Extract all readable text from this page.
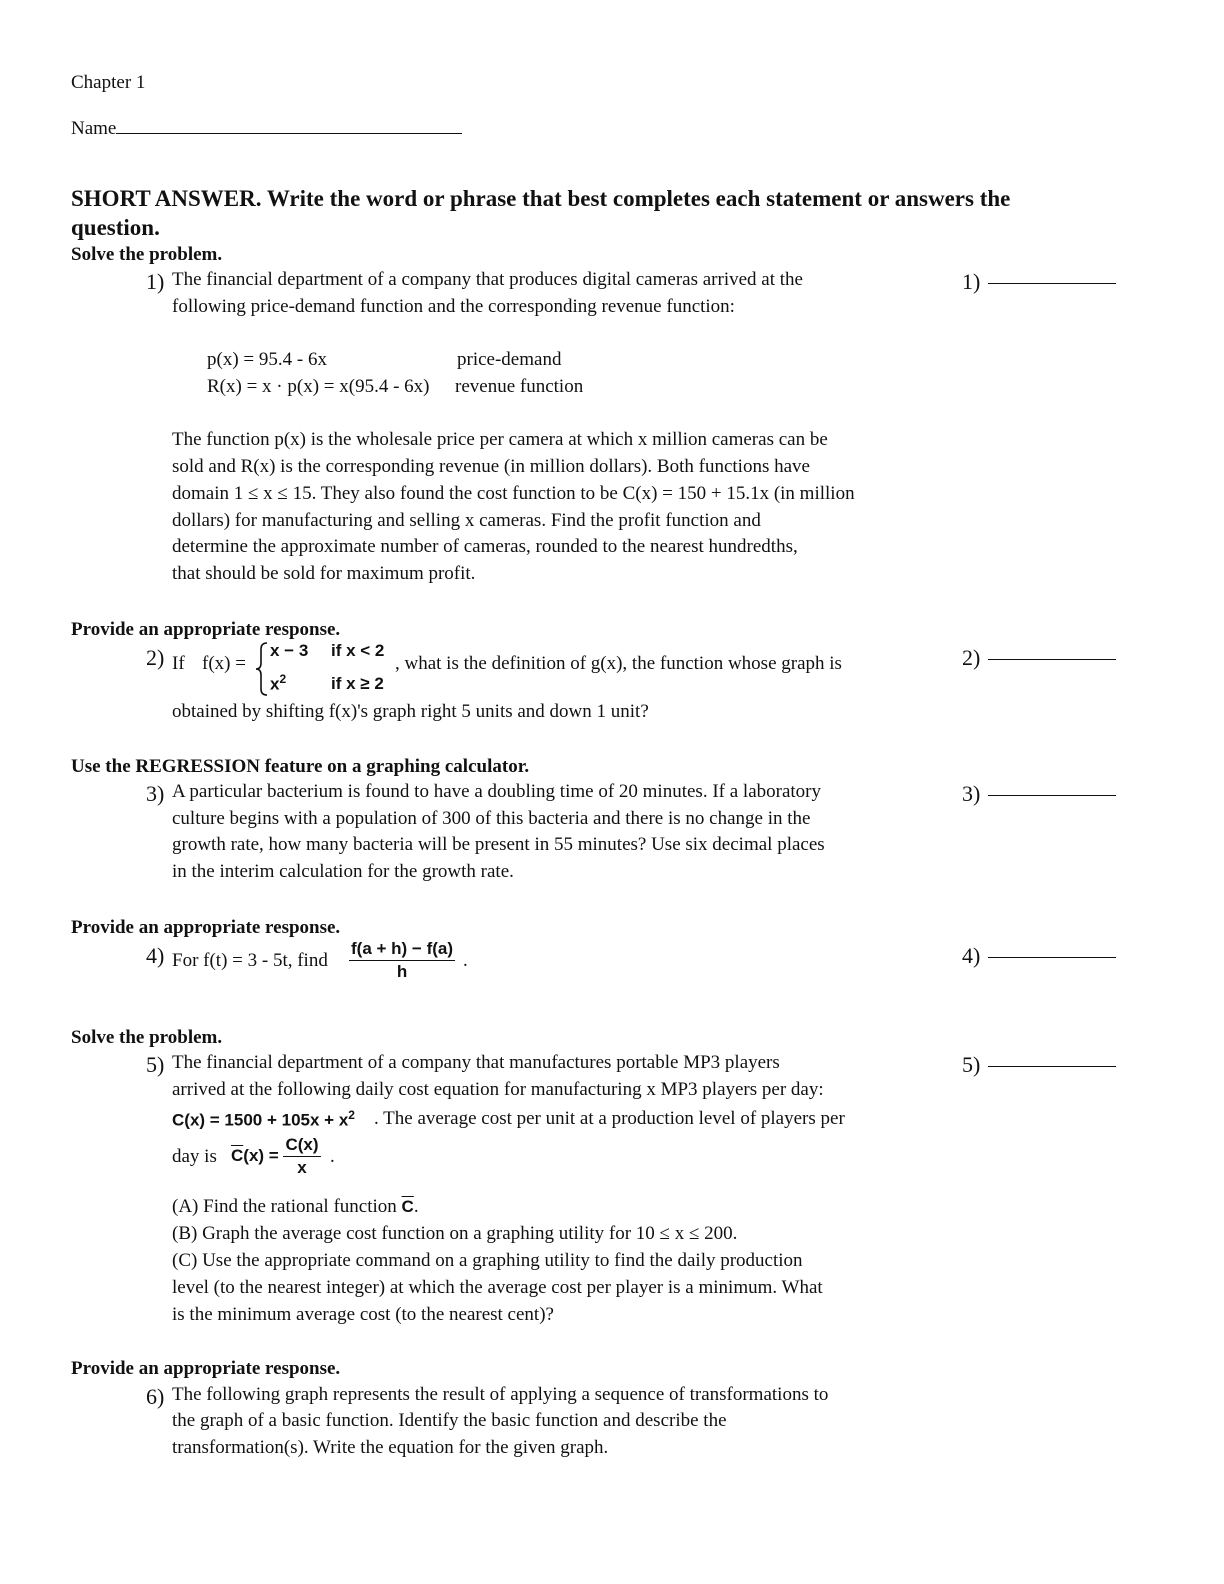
Chapter 1
Name
SHORT ANSWER. Write the word or phrase that best completes each statement or answers the
question.
Solve the problem.
1) The financial department of a company that produces digital cameras arrived at the
following price-demand function and the corresponding revenue function:
p(x) = 95.4 - 6x	price-demand
R(x) = x · p(x) = x(95.4 - 6x) revenue function
The function p(x) is the wholesale price per camera at which x million cameras can be
sold and R(x) is the corresponding revenue (in million dollars). Both functions have
domain 1 ≤ x ≤ 15. They also found the cost function to be C(x) = 150 + 15.1x (in million
dollars) for manufacturing and selling x cameras. Find the profit function and
determine the approximate number of cameras, rounded to the nearest hundredths,
that should be sold for maximum profit.
1)
Provide an appropriate response.
2) If f(x) =
x − 3 if x < 2
$x^2$	if x ≥ 2
, what is the definition of g(x), the function whose graph is
obtained by shifting f(x)'s graph right 5 units and down 1 unit?
2)
Use the REGRESSION feature on a graphing calculator.
3) A particular bacterium is found to have a doubling time of 20 minutes. If a laboratory
culture begins with a population of 300 of this bacteria and there is no change in the
growth rate, how many bacteria will be present in 55 minutes? Use six decimal places
in the interim calculation for the growth rate.
3)
Provide an appropriate response.
4) For f(t) = 3 - 5t, find $\frac{f(a + h) - f(a)}{h}$ .	4)
Solve the problem.
5) The financial department of a company that manufactures portable MP3 players
arrived at the following daily cost equation for manufacturing x MP3 players per day:
$C(x) = 1500 + 105x + x^2$ . The average cost per unit at a production level of players per
day is $\overline{C}(x) = \frac{C(x)}{x}$ .
(A) Find the rational function $\overline{C}$.
(B) Graph the average cost function on a graphing utility for 10 ≤ x ≤ 200.
(C) Use the appropriate command on a graphing utility to find the daily production
level (to the nearest integer) at which the average cost per player is a minimum. What
is the minimum average cost (to the nearest cent)?
5)
Provide an appropriate response.
6) The following graph represents the result of applying a sequence of transformations to
the graph of a basic function. Identify the basic function and describe the
transformation(s). Write the equation for the given graph.
